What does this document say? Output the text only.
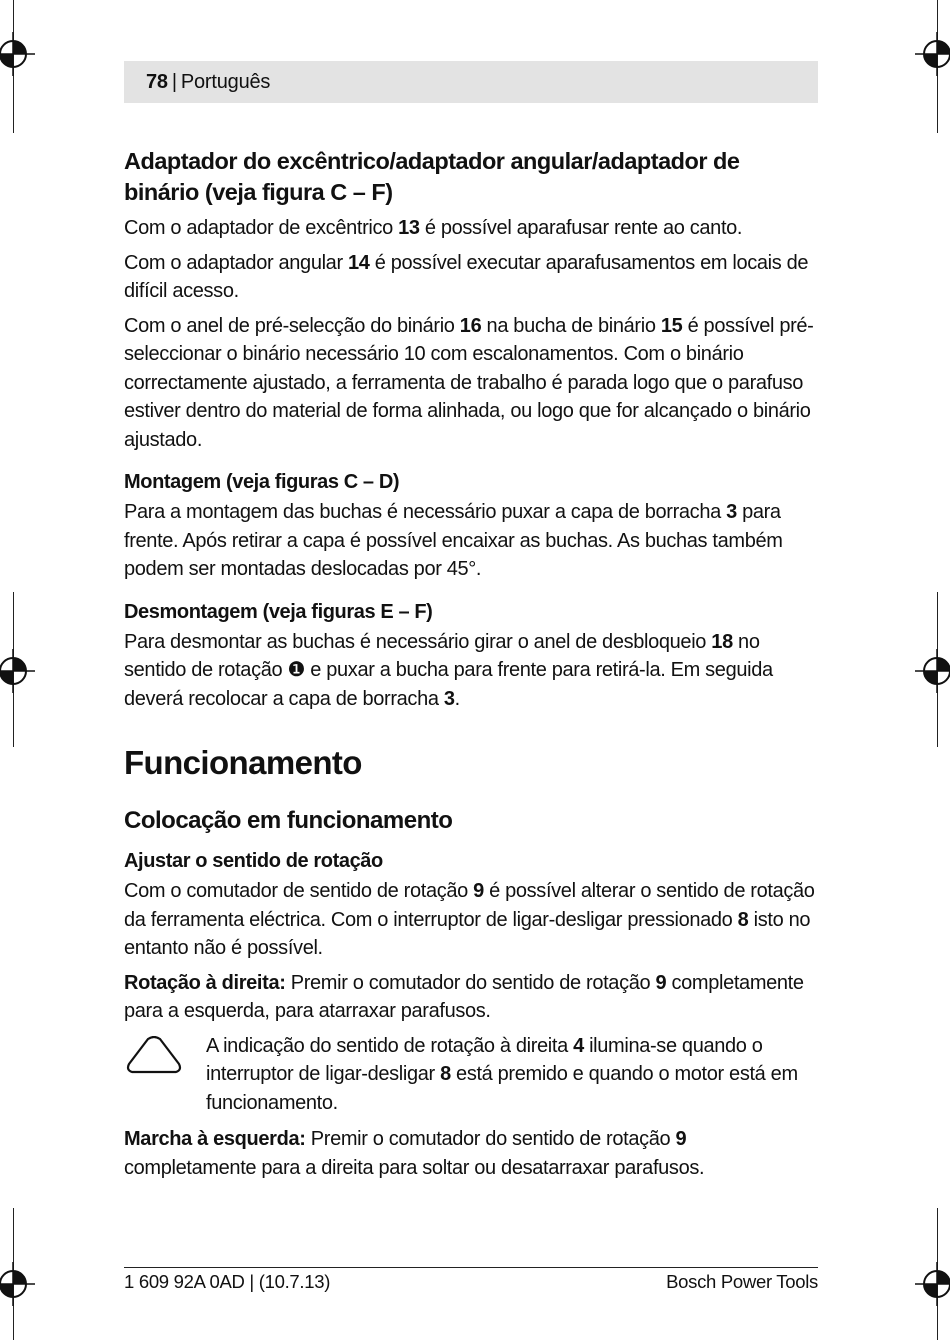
78 | Português
Adaptador do excêntrico/adaptador angular/adaptador de binário (veja figura C – F)

Com o adaptador de excêntrico 13 é possível aparafusar rente ao canto.

Com o adaptador angular 14 é possível executar aparafusamentos em locais de difícil acesso.

Com o anel de pré-selecção do binário 16 na bucha de binário 15 é possível pré-seleccionar o binário necessário 10 com escalonamentos. Com o binário correctamente ajustado, a ferramenta de trabalho é parada logo que o parafuso estiver dentro do material de forma alinhada, ou logo que for alcançado o binário ajustado.

Montagem (veja figuras C – D)

Para a montagem das buchas é necessário puxar a capa de borracha 3 para frente. Após retirar a capa é possível encaixar as buchas. As buchas também podem ser montadas deslocadas por 45°.

Desmontagem (veja figuras E – F)

Para desmontar as buchas é necessário girar o anel de desbloqueio 18 no sentido de rotação ❶ e puxar a bucha para frente para retirá-la. Em seguida deverá recolocar a capa de borracha 3.

Funcionamento
Colocação em funcionamento
Ajustar o sentido de rotação

Com o comutador de sentido de rotação 9 é possível alterar o sentido de rotação da ferramenta eléctrica. Com o interruptor de ligar-desligar pressionado 8 isto no entanto não é possível.

Rotação à direita: Premir o comutador do sentido de rotação 9 completamente para a esquerda, para atarraxar parafusos.

A indicação do sentido de rotação à direita 4 ilumina-se quando o interruptor de ligar-desligar 8 está premido e quando o motor está em funcionamento.

Marcha à esquerda: Premir o comutador do sentido de rotação 9 completamente para a direita para soltar ou desatarraxar parafusos.

1 609 92A 0AD | (10.7.13)	Bosch Power Tools
